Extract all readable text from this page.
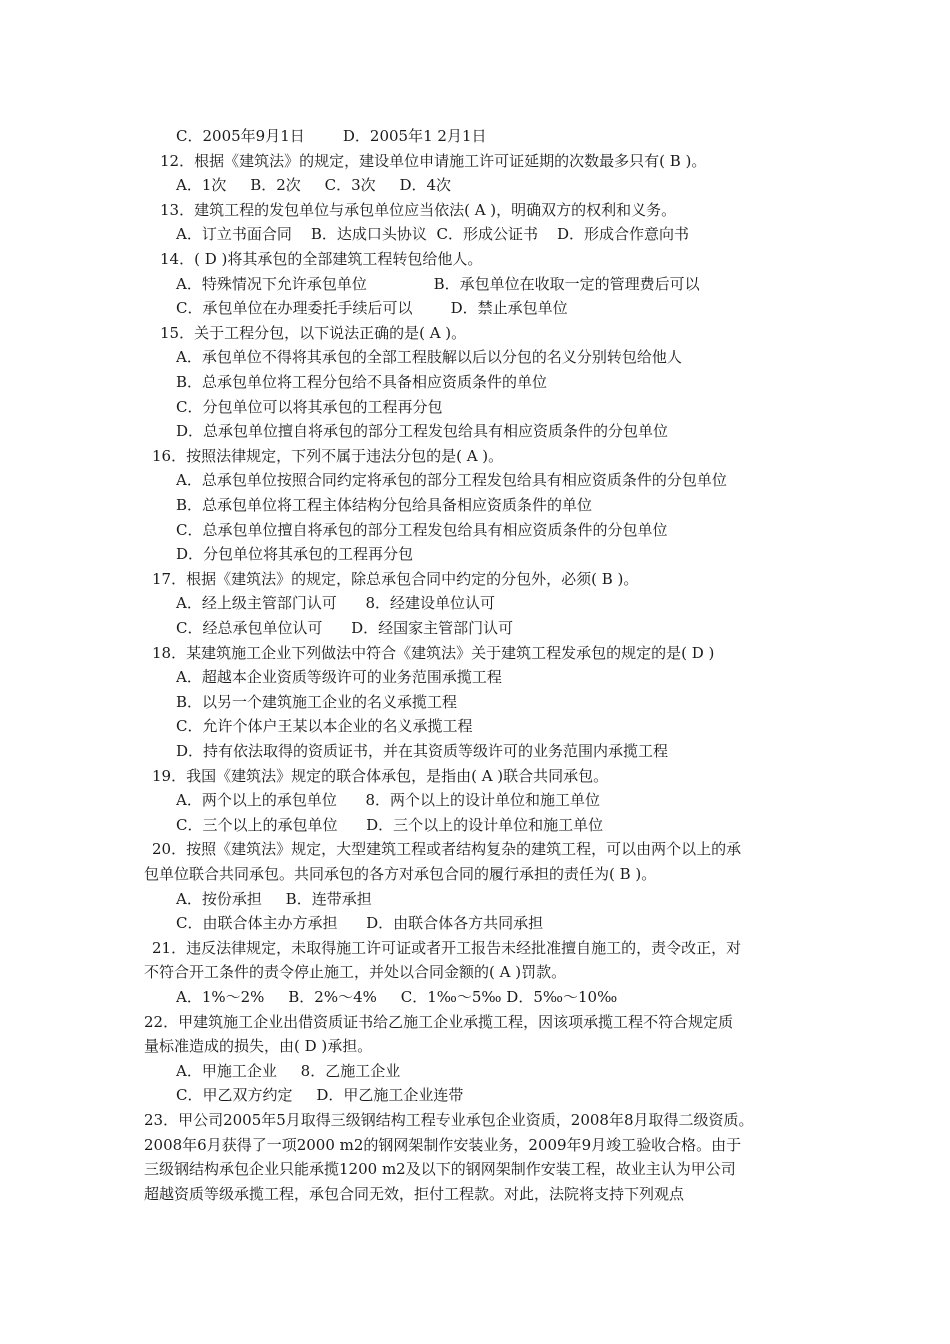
C．2005年9月1日        D．2005年1 2月1日
12．根据《建筑法》的规定，建设单位申请施工许可证延期的次数最多只有( B )。
A．1次     B．2次     C．3次     D．4次
13．建筑工程的发包单位与承包单位应当依法( A )，明确双方的权利和义务。
A．订立书面合同    B．达成口头协议  C．形成公证书    D．形成合作意向书
14．( D )将其承包的全部建筑工程转包给他人。
A．特殊情况下允许承包单位              B．承包单位在收取一定的管理费后可以
C．承包单位在办理委托手续后可以        D．禁止承包单位
15．关于工程分包，以下说法正确的是( A )。
A．承包单位不得将其承包的全部工程肢解以后以分包的名义分别转包给他人
B．总承包单位将工程分包给不具备相应资质条件的单位
C．分包单位可以将其承包的工程再分包
D．总承包单位擅自将承包的部分工程发包给具有相应资质条件的分包单位
16．按照法律规定，下列不属于违法分包的是( A )。
A．总承包单位按照合同约定将承包的部分工程发包给具有相应资质条件的分包单位
B．总承包单位将工程主体结构分包给具备相应资质条件的单位
C．总承包单位擅自将承包的部分工程发包给具有相应资质条件的分包单位
D．分包单位将其承包的工程再分包
17．根据《建筑法》的规定，除总承包合同中约定的分包外，必须( B )。
A．经上级主管部门认可      8．经建设单位认可
C．经总承包单位认可      D．经国家主管部门认可
18．某建筑施工企业下列做法中符合《建筑法》关于建筑工程发承包的规定的是( D )
A．超越本企业资质等级许可的业务范围承揽工程
B．以另一个建筑施工企业的名义承揽工程
C．允许个体户王某以本企业的名义承揽工程
D．持有依法取得的资质证书，并在其资质等级许可的业务范围内承揽工程
19．我国《建筑法》规定的联合体承包，是指由( A )联合共同承包。
A．两个以上的承包单位      8．两个以上的设计单位和施工单位
C．三个以上的承包单位      D．三个以上的设计单位和施工单位
20．按照《建筑法》规定，大型建筑工程或者结构复杂的建筑工程，可以由两个以上的承
包单位联合共同承包。共同承包的各方对承包合同的履行承担的责任为( B )。
A．按份承担     B．连带承担
C．由联合体主办方承担      D．由联合体各方共同承担
21．违反法律规定，未取得施工许可证或者开工报告未经批准擅自施工的，责令改正，对
不符合开工条件的责令停止施工，并处以合同金额的( A )罚款。
A．1%～2%     B．2%～4%     C．1‰～5‰ D．5‰～10‰
22．甲建筑施工企业出借资质证书给乙施工企业承揽工程，因该项承揽工程不符合规定质
量标准造成的损失，由( D )承担。
A．甲施工企业     8．乙施工企业
C．甲乙双方约定     D．甲乙施工企业连带
23．甲公司2005年5月取得三级钢结构工程专业承包企业资质，2008年8月取得二级资质。
2008年6月获得了一项2000 m2的钢网架制作安装业务，2009年9月竣工验收合格。由于
三级钢结构承包企业只能承揽1200 m2及以下的钢网架制作安装工程，故业主认为甲公司
超越资质等级承揽工程，承包合同无效，拒付工程款。对此，法院将支持下列观点
